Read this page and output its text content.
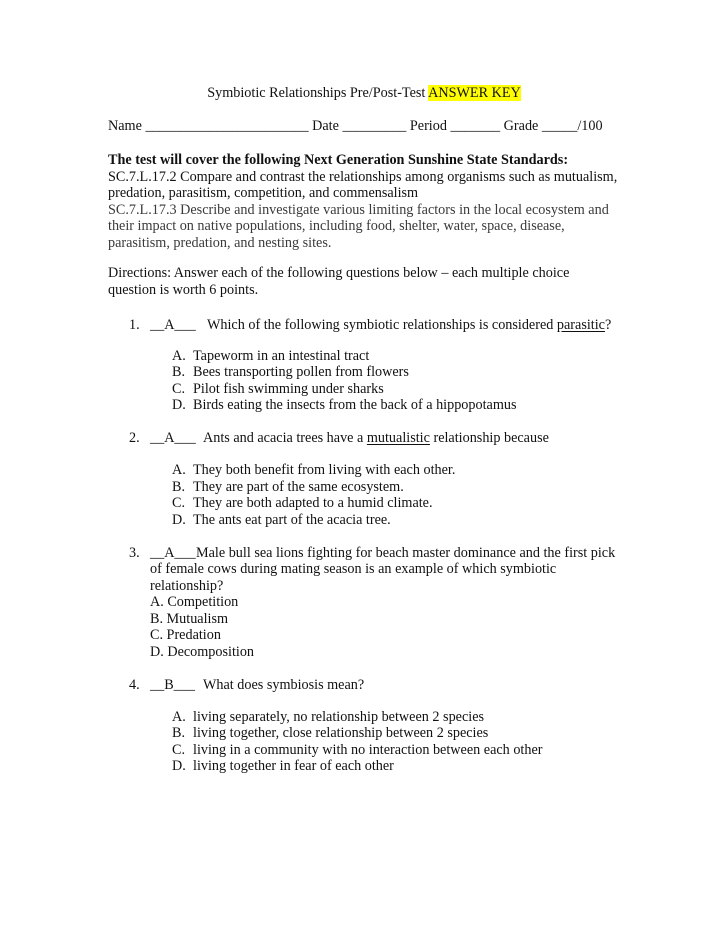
Symbiotic Relationships Pre/Post-Test ANSWER KEY
Name _______________________ Date _________ Period _______ Grade _____/100
The test will cover the following Next Generation Sunshine State Standards:
SC.7.L.17.2 Compare and contrast the relationships among organisms such as mutualism,
predation, parasitism, competition, and commensalism
SC.7.L.17.3 Describe and investigate various limiting factors in the local ecosystem and
their impact on native populations, including food, shelter, water, space, disease,
parasitism, predation, and nesting sites.
Directions: Answer each of the following questions below – each multiple choice
question is worth 6 points.
1. __A___ Which of the following symbiotic relationships is considered parasitic?
A. Tapeworm in an intestinal tract
B. Bees transporting pollen from flowers
C. Pilot fish swimming under sharks
D. Birds eating the insects from the back of a hippopotamus
2. __A___ Ants and acacia trees have a mutualistic relationship because
A. They both benefit from living with each other.
B. They are part of the same ecosystem.
C. They are both adapted to a humid climate.
D. The ants eat part of the acacia tree.
3. __A___ Male bull sea lions fighting for beach master dominance and the first pick
of female cows during mating season is an example of which symbiotic
relationship?
A. Competition
B. Mutualism
C. Predation
D. Decomposition
4. __B___ What does symbiosis mean?
A. living separately, no relationship between 2 species
B. living together, close relationship between 2 species
C. living in a community with no interaction between each other
D. living together in fear of each other
